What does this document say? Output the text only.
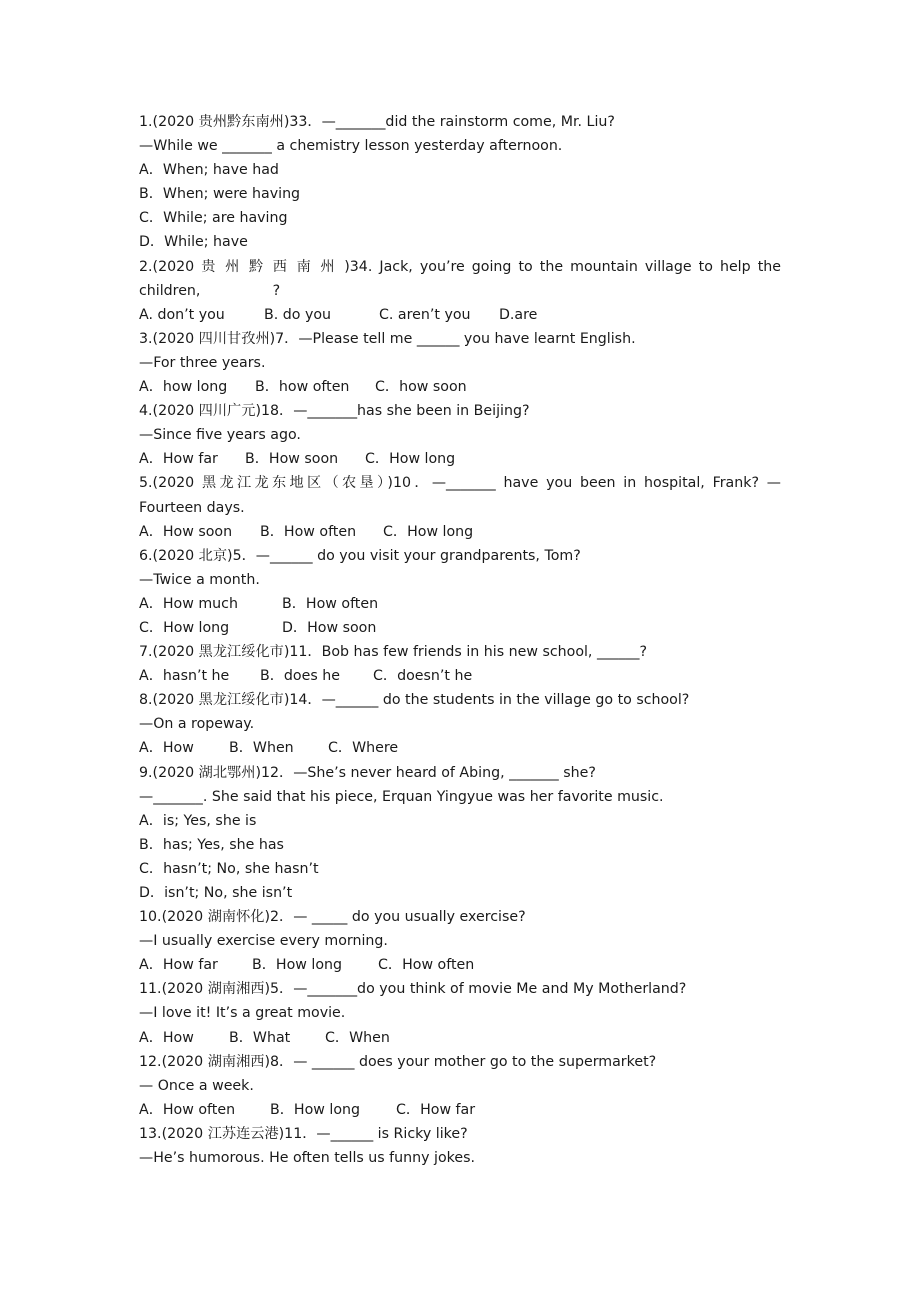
1.(2020 贵州黔东南州)33．—_______did the rainstorm come, Mr. Liu?
—While we _______ a chemistry lesson yesterday afternoon.
A．When; have had
B．When; were having
C．While; are having
D．While; have
2.(2020 贵 州 黔 西 南 州 )34. Jack, you’re going to the mountain village to help the
children,                ?
A. don’t you	B. do you	C. aren’t you	D.are
3.(2020 四川甘孜州)7．—Please tell me ______ you have learnt English.
—For three years.
A．how long	B．how often	C．how soon
4.(2020 四川广元)18．—_______has she been in Beijing?
—Since five years ago.
A．How far	B．How soon	C．How long
5.(2020 黑龙江龙东地区（农垦）)10．—_______ have you been in hospital, Frank? —
Fourteen days.
A．How soon	B．How often	C．How long
6.(2020 北京)5．—______ do you visit your grandparents, Tom?
—Twice a month.
A．How much	B．How often
C．How long	D．How soon
7.(2020 黑龙江绥化市)11．Bob has few friends in his new school, ______?
A．hasn’t he	B．does he	C．doesn’t he
8.(2020 黑龙江绥化市)14．—______ do the students in the village go to school?
—On a ropeway.
A．How	B．When	C．Where
9.(2020 湖北鄂州)12．—She’s never heard of Abing, _______ she?
—_______. She said that his piece, Erquan Yingyue was her favorite music.
A．is; Yes, she is
B．has; Yes, she has
C．hasn’t; No, she hasn’t
D．isn’t; No, she isn’t
10.(2020 湖南怀化)2．— _____ do you usually exercise?
—I usually exercise every morning.
A．How far	B．How long	C．How often
11.(2020 湖南湘西)5．—_______do you think of movie Me and My Motherland?
—I love it! It’s a great movie.
A．How	B．What	C．When
12.(2020 湖南湘西)8．— ______ does your mother go to the supermarket?
— Once a week.
A．How often	B．How long	C．How far
13.(2020 江苏连云港)11．—______ is Ricky like?
—He’s humorous. He often tells us funny jokes.
